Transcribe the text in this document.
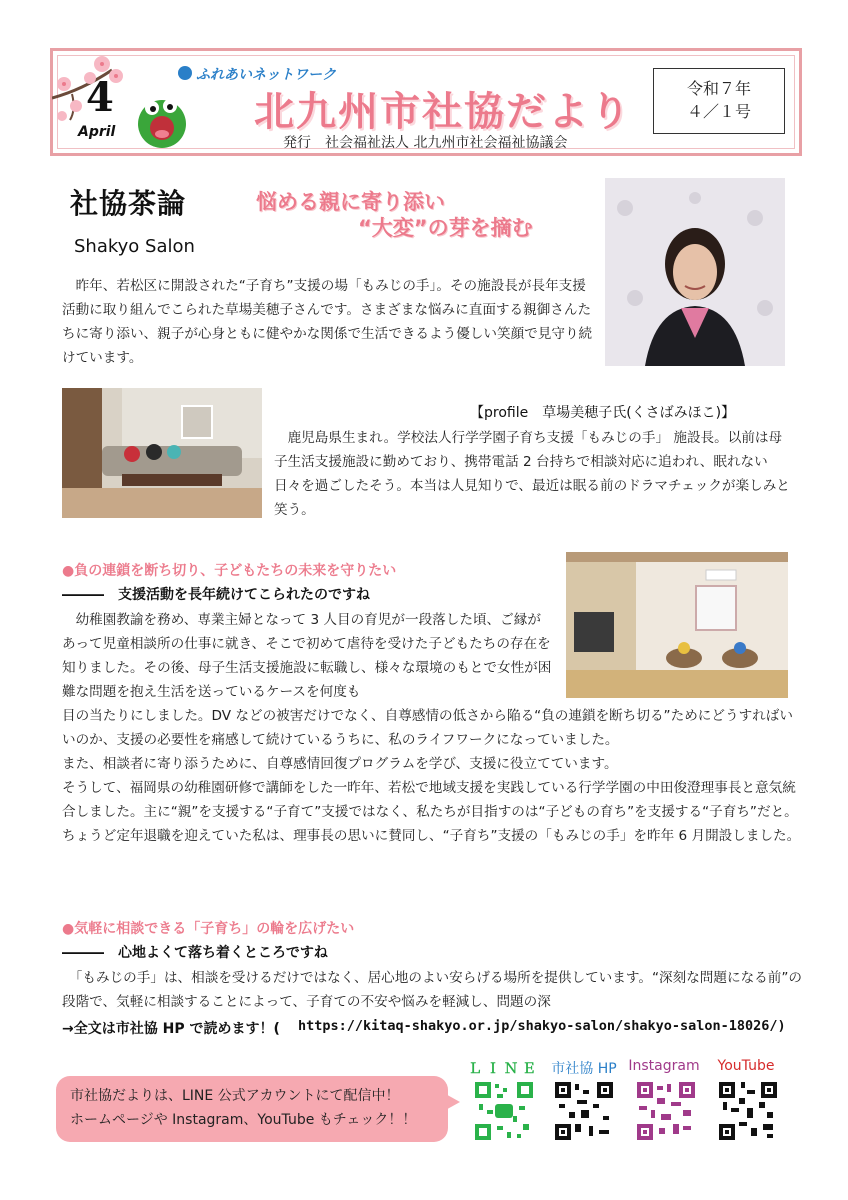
4
April
ふれあいネットワーク
北九州市社協だより
発行　社会福祉法人 北九州市社会福祉協議会
令和７年
４／１号
社協茶論
Shakyo Salon
悩める親に寄り添い
“大変”の芽を摘む
昨年、若松区に開設された“子育ち”支援の場「もみじの手」。その施設長が長年支援活動に取り組んでこられた草場美穂子さんです。さまざまな悩みに直面する親御さんたちに寄り添い、親子が心身ともに健やかな関係で生活できるよう優しい笑顔で見守り続けています。
【profile　草場美穂子氏(くさばみほこ)】
鹿児島県生まれ。学校法人行学学園子育ち支援「もみじの手」 施設長。以前は母子生活支援施設に勤めており、携帯電話 2 台持ちで相談対応に追われ、眠れない日々を過ごしたそう。本当は人見知りで、最近は眠る前のドラマチェックが楽しみと笑う。
●負の連鎖を断ち切り、子どもたちの未来を守りたい
―――　支援活動を長年続けてこられたのですね
幼稚園教諭を務め、専業主婦となって 3 人目の育児が一段落した頃、ご縁があって児童相談所の仕事に就き、そこで初めて虐待を受けた子どもたちの存在を知りました。その後、母子生活支援施設に転職し、様々な環境のもとで女性が困難な問題を抱え生活を送っているケースを何度も
目の当たりにしました。DV などの被害だけでなく、自尊感情の低さから陥る“負の連鎖を断ち切る”ためにどうすればいいのか、支援の必要性を痛感して続けているうちに、私のライフワークになっていました。
また、相談者に寄り添うために、自尊感情回復プログラムを学び、支援に役立てています。
そうして、福岡県の幼稚園研修で講師をした一昨年、若松で地域支援を実践している行学学園の中田俊澄理事長と意気統合しました。主に“親”を支援する“子育て”支援ではなく、私たちが目指すのは“子どもの育ち”を支援する“子育ち”だと。ちょうど定年退職を迎えていた私は、理事長の思いに賛同し、“子育ち”支援の「もみじの手」を昨年 6 月開設しました。
●気軽に相談できる「子育ち」の輪を広げたい
―――　心地よくて落ち着くところですね
「もみじの手」は、相談を受けるだけではなく、居心地のよい安らげる場所を提供しています。“深刻な問題になる前”の段階で、気軽に相談することによって、子育ての不安や悩みを軽減し、問題の深
→全文は市社協 HP で読めます！( https://kitaq-shakyo.or.jp/shakyo-salon/shakyo-salon-18026/)
市社協だよりは、LINE 公式アカウントにて配信中！
ホームページや Instagram、YouTube もチェック！！
ＬＩＮＥ 市社協 HP Instagram	YouTube
